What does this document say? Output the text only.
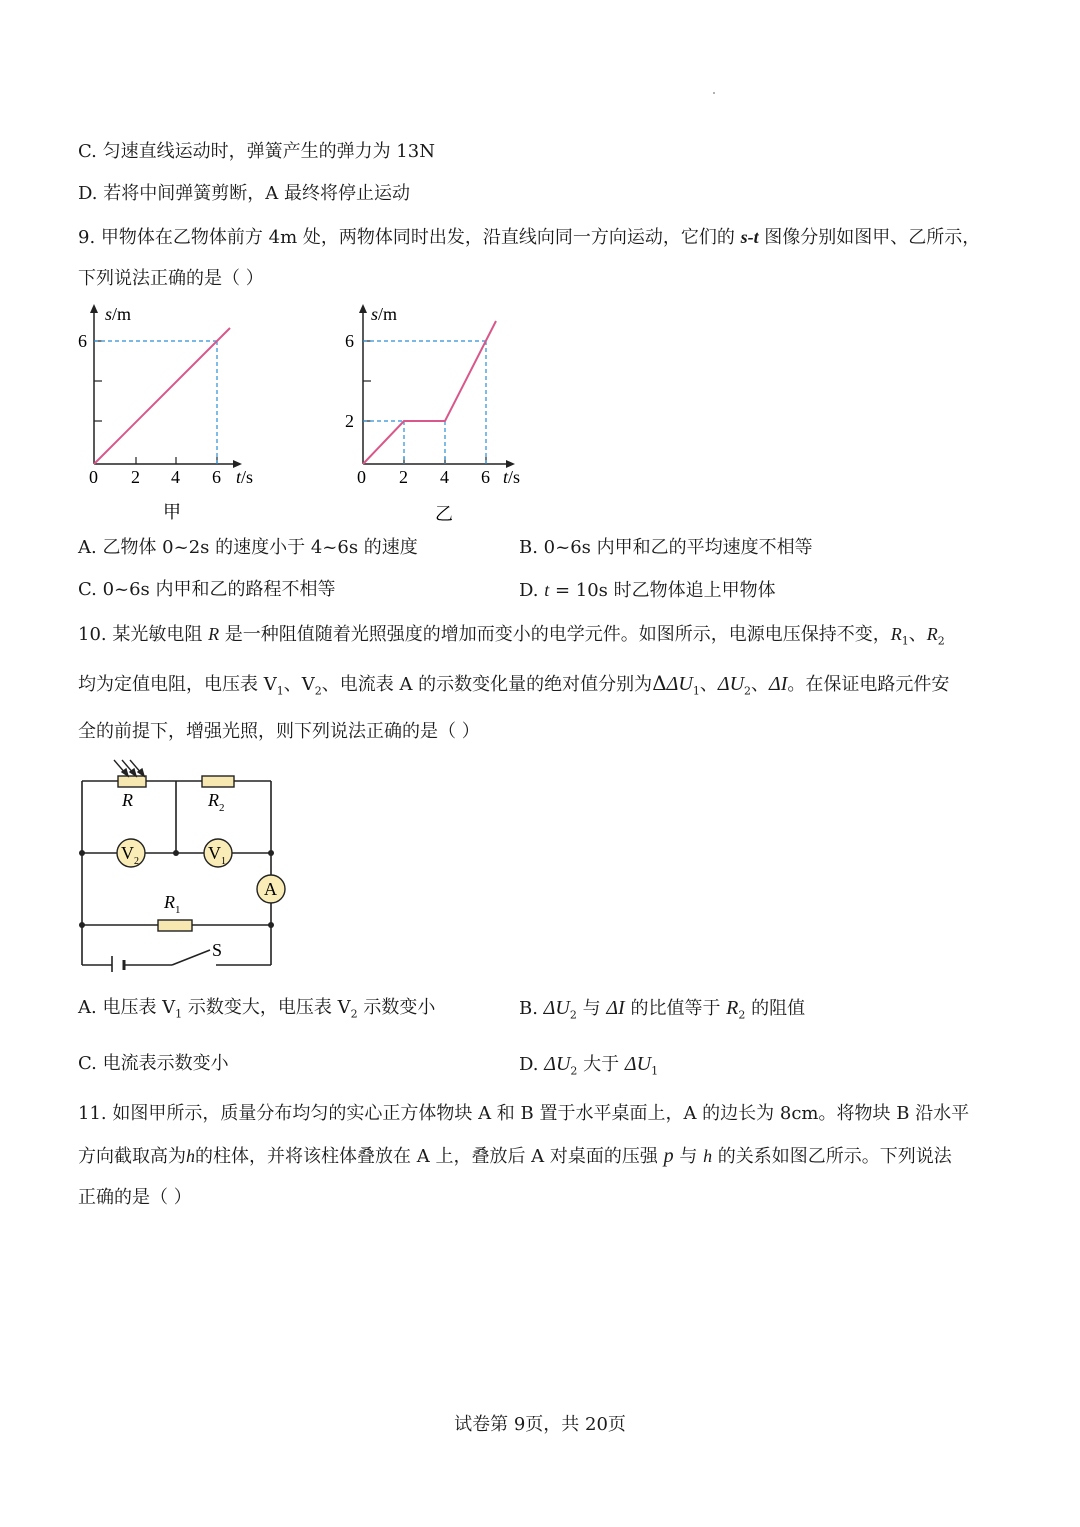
C. 匀速直线运动时，弹簧产生的弹力为 13N
D. 若将中间弹簧剪断，A 最终将停止运动
9. 甲物体在乙物体前方 4m 处，两物体同时出发，沿直线向同一方向运动，它们的 s-t 图像分别如图甲、乙所示，
下列说法正确的是（ ）
s/m
6
0 2 4 6 t/s
甲
s/m
6
2
0 2 4 6 t/s
乙
A. 乙物体 0~2s 的速度小于 4~6s 的速度	B. 0~6s 内甲和乙的平均速度不相等
C. 0~6s 内甲和乙的路程不相等	D. t = 10s 时乙物体追上甲物体
10. 某光敏电阻 R 是一种阻值随着光照强度的增加而变小的电学元件。如图所示，电源电压保持不变，$R_1$、$R_2$
均为定值电阻，电压表 $V_1$、$V_2$、电流表 A 的示数变化量的绝对值分别为$\Delta\Delta U_1$、$\Delta U_2$、ΔI。在保证电路元件安
全的前提下，增强光照，则下列说法正确的是（ ）
R	$R_2$
$R_1$
$V_2$	$V_1$
A
S
A. 电压表 $V_1$ 示数变大，电压表 $V_2$ 示数变小	B. $\Delta U_2$ 与 ΔI 的比值等于 $R_2$ 的阻值
C. 电流表示数变小	D. $\Delta U_2$ 大于 $\Delta U_1$
11. 如图甲所示，质量分布均匀的实心正方体物块 A 和 B 置于水平桌面上，A 的边长为 8cm。将物块 B 沿水平
方向截取高为h的柱体，并将该柱体叠放在 A 上，叠放后 A 对桌面的压强 p 与 h 的关系如图乙所示。下列说法
正确的是（ ）
试卷第 9页，共 20页
